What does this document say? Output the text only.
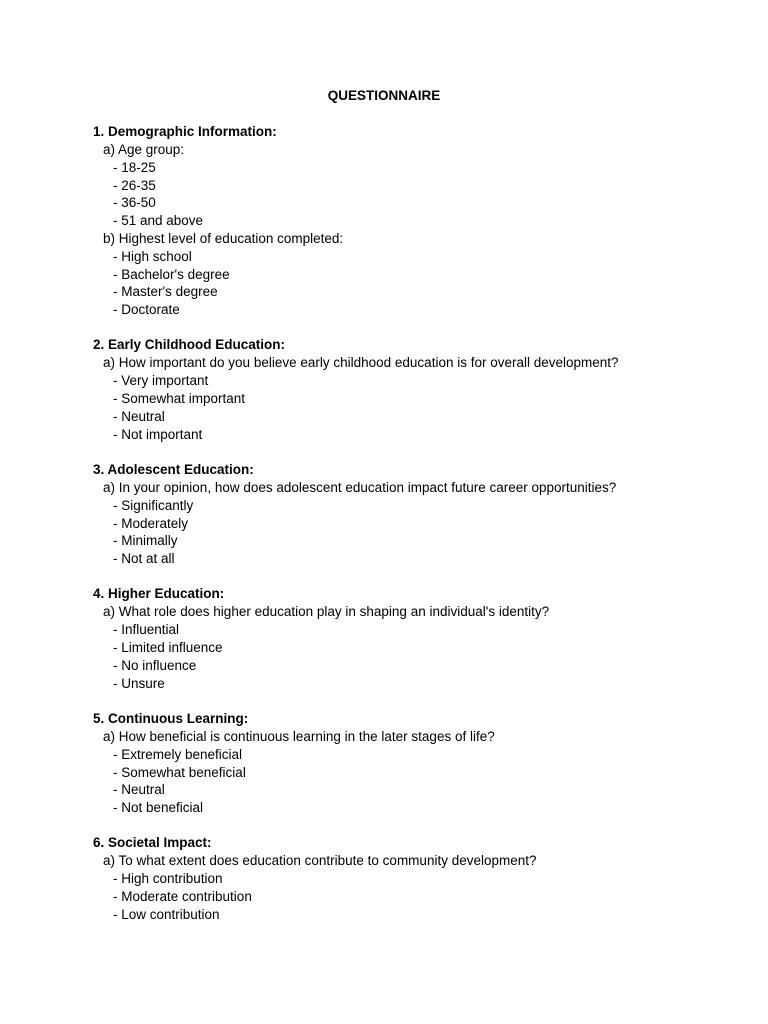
QUESTIONNAIRE
1. Demographic Information:
a) Age group:
- 18-25
- 26-35
- 36-50
- 51 and above
b) Highest level of education completed:
- High school
- Bachelor's degree
- Master's degree
- Doctorate
2. Early Childhood Education:
a) How important do you believe early childhood education is for overall development?
- Very important
- Somewhat important
- Neutral
- Not important
3. Adolescent Education:
a) In your opinion, how does adolescent education impact future career opportunities?
- Significantly
- Moderately
- Minimally
- Not at all
4. Higher Education:
a) What role does higher education play in shaping an individual's identity?
- Influential
- Limited influence
- No influence
- Unsure
5. Continuous Learning:
a) How beneficial is continuous learning in the later stages of life?
- Extremely beneficial
- Somewhat beneficial
- Neutral
- Not beneficial
6. Societal Impact:
a) To what extent does education contribute to community development?
- High contribution
- Moderate contribution
- Low contribution
